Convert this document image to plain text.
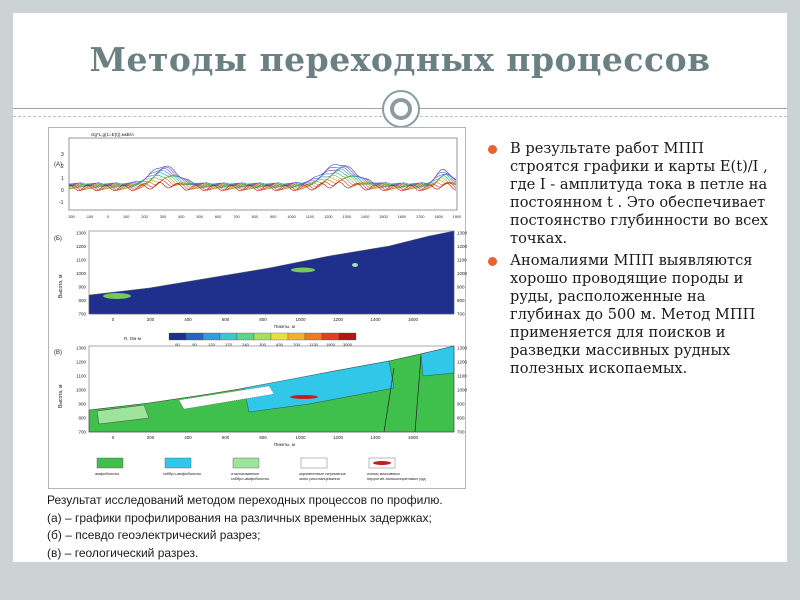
Методы переходных процессов
(А)
ctg*L,g(1=E(t)),мкВ/А
3
2
1
0
-1
-300	-100	0	100	200	300	400	500	600	700	800	900	1000	1100	1200	1300	1400	1500	1600	1700	1800	1900
(Б)
Высота, м
1300
1200
1100
1000
900
800
700
1300
1200
1100
1000
900
800
700
0	200	400	600	800	1000	1200	1400	1600
Пикеты, м
R, Ом·м
60	90	120	170	240	300	430	700 1130 1900 3000
(В)
Высота, м
1300
1200
1100
1000
900
800
700
1300
1200
1100
1000
900
800
700
0	200	400	600	800	1000	1200	1400	1600
Пикеты, м
амфиболиты	габбро-амфиболиты	оталькованные габбро-амфиболиты
окремненные перемятые зоны рассланцевания
линзы массивных пирротин-халькопиритовых руд
В результате работ МПП строятся графики и карты E(t)/I , где I - амплитуда тока в петле на постоянном t . Это обеспечивает постоянство глубинности во всех точках.
Аномалиями МПП выявляются хорошо проводящие породы и руды, расположенные на глубинах до 500 м. Метод МПП применяется для поисков и разведки массивных рудных полезных ископаемых.
Результат исследований методом переходных процессов по профилю.
(а) – графики профилирования на различных временных задержках;
(б) – псевдо геоэлектрический разрез;
(в) – геологический разрез.
